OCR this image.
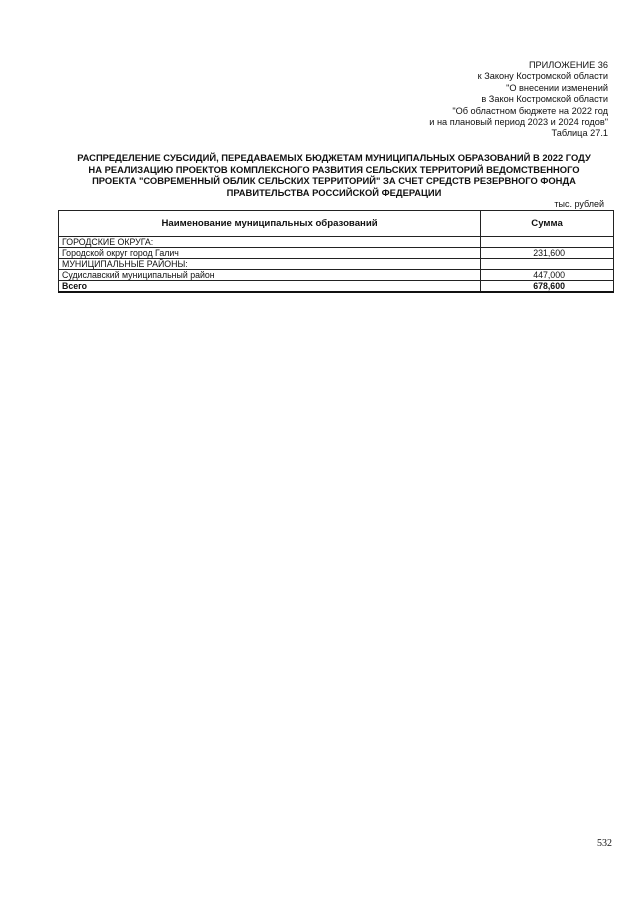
ПРИЛОЖЕНИЕ 36
к Закону Костромской области
"О внесении изменений
в Закон Костромской области
"Об областном бюджете на 2022 год
и на плановый период 2023 и 2024 годов"
Таблица 27.1
РАСПРЕДЕЛЕНИЕ СУБСИДИЙ, ПЕРЕДАВАЕМЫХ БЮДЖЕТАМ МУНИЦИПАЛЬНЫХ ОБРАЗОВАНИЙ В 2022 ГОДУ
НА РЕАЛИЗАЦИЮ ПРОЕКТОВ КОМПЛЕКСНОГО РАЗВИТИЯ СЕЛЬСКИХ ТЕРРИТОРИЙ ВЕДОМСТВЕННОГО
ПРОЕКТА "СОВРЕМЕННЫЙ ОБЛИК СЕЛЬСКИХ ТЕРРИТОРИЙ" ЗА СЧЕТ СРЕДСТВ РЕЗЕРВНОГО ФОНДА
ПРАВИТЕЛЬСТВА РОССИЙСКОЙ ФЕДЕРАЦИИ
тыс. рублей
Наименование муниципальных образований	Сумма
ГОРОДСКИЕ ОКРУГА:	
Городской округ город Галич	231,600
МУНИЦИПАЛЬНЫЕ РАЙОНЫ:	
Судиславский муниципальный район	447,000
Всего	678,600
532
